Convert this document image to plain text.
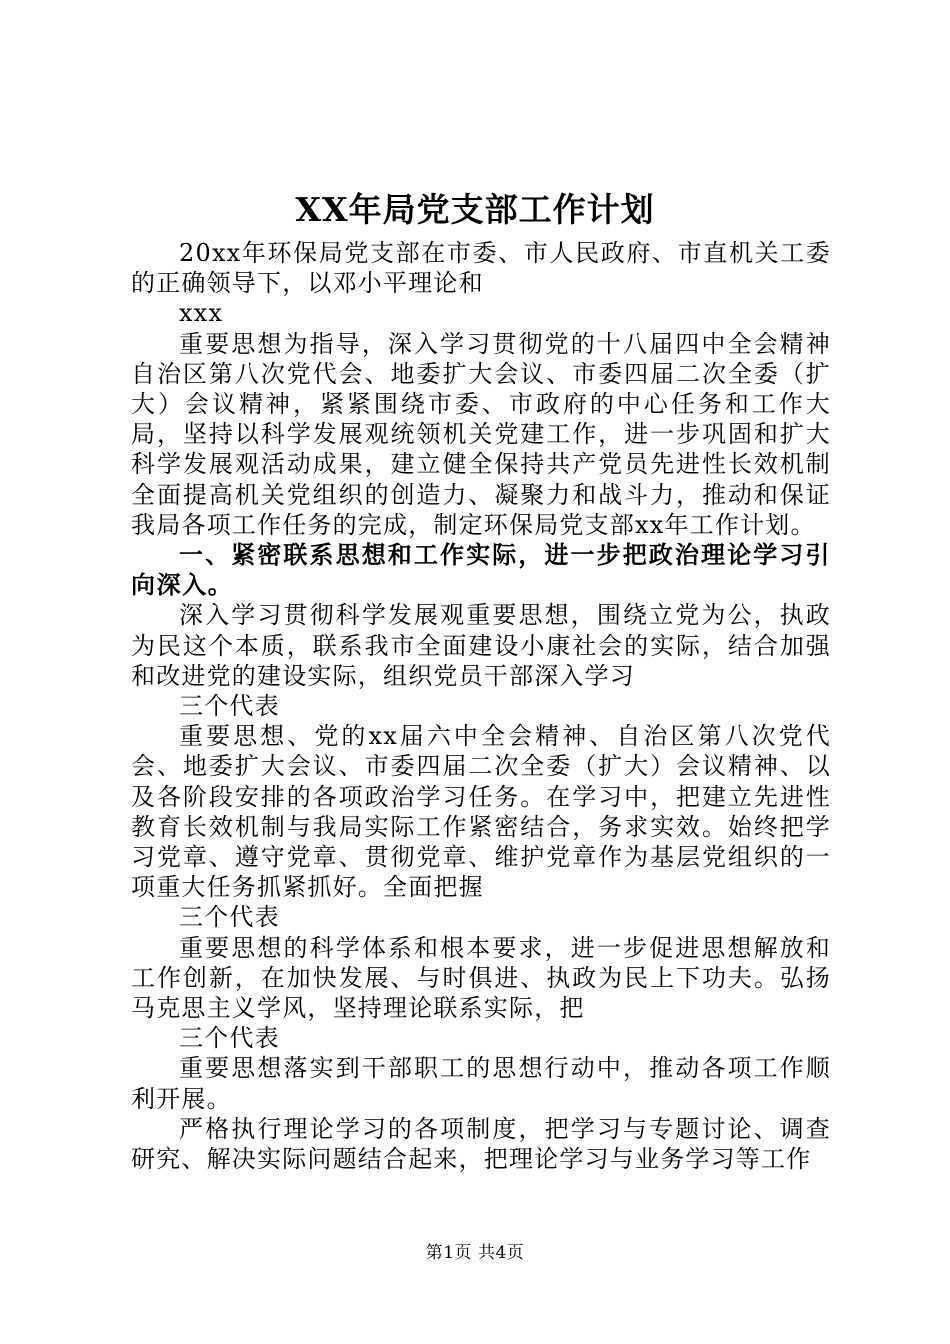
XX年局党支部工作计划

20xx年环保局党支部在市委、市人民政府、市直机关工委的正确领导下，以邓小平理论和

xxx

重要思想为指导，深入学习贯彻党的十八届四中全会精神自治区第八次党代会、地委扩大会议、市委四届二次全委（扩大）会议精神，紧紧围绕市委、市政府的中心任务和工作大局，坚持以科学发展观统领机关党建工作，进一步巩固和扩大科学发展观活动成果，建立健全保持共产党员先进性长效机制全面提高机关党组织的创造力、凝聚力和战斗力，推动和保证我局各项工作任务的完成，制定环保局党支部xx年工作计划。

一、紧密联系思想和工作实际，进一步把政治理论学习引向深入。

深入学习贯彻科学发展观重要思想，围绕立党为公，执政为民这个本质，联系我市全面建设小康社会的实际，结合加强和改进党的建设实际，组织党员干部深入学习

三个代表

重要思想、党的xx届六中全会精神、自治区第八次党代会、地委扩大会议、市委四届二次全委（扩大）会议精神、以及各阶段安排的各项政治学习任务。在学习中，把建立先进性教育长效机制与我局实际工作紧密结合，务求实效。始终把学习党章、遵守党章、贯彻党章、维护党章作为基层党组织的一项重大任务抓紧抓好。全面把握

三个代表

重要思想的科学体系和根本要求，进一步促进思想解放和工作创新，在加快发展、与时俱进、执政为民上下功夫。弘扬马克思主义学风，坚持理论联系实际，把

三个代表

重要思想落实到干部职工的思想行动中，推动各项工作顺利开展。

严格执行理论学习的各项制度，把学习与专题讨论、调查研究、解决实际问题结合起来，把理论学习与业务学习等工作

第1页 共4页
